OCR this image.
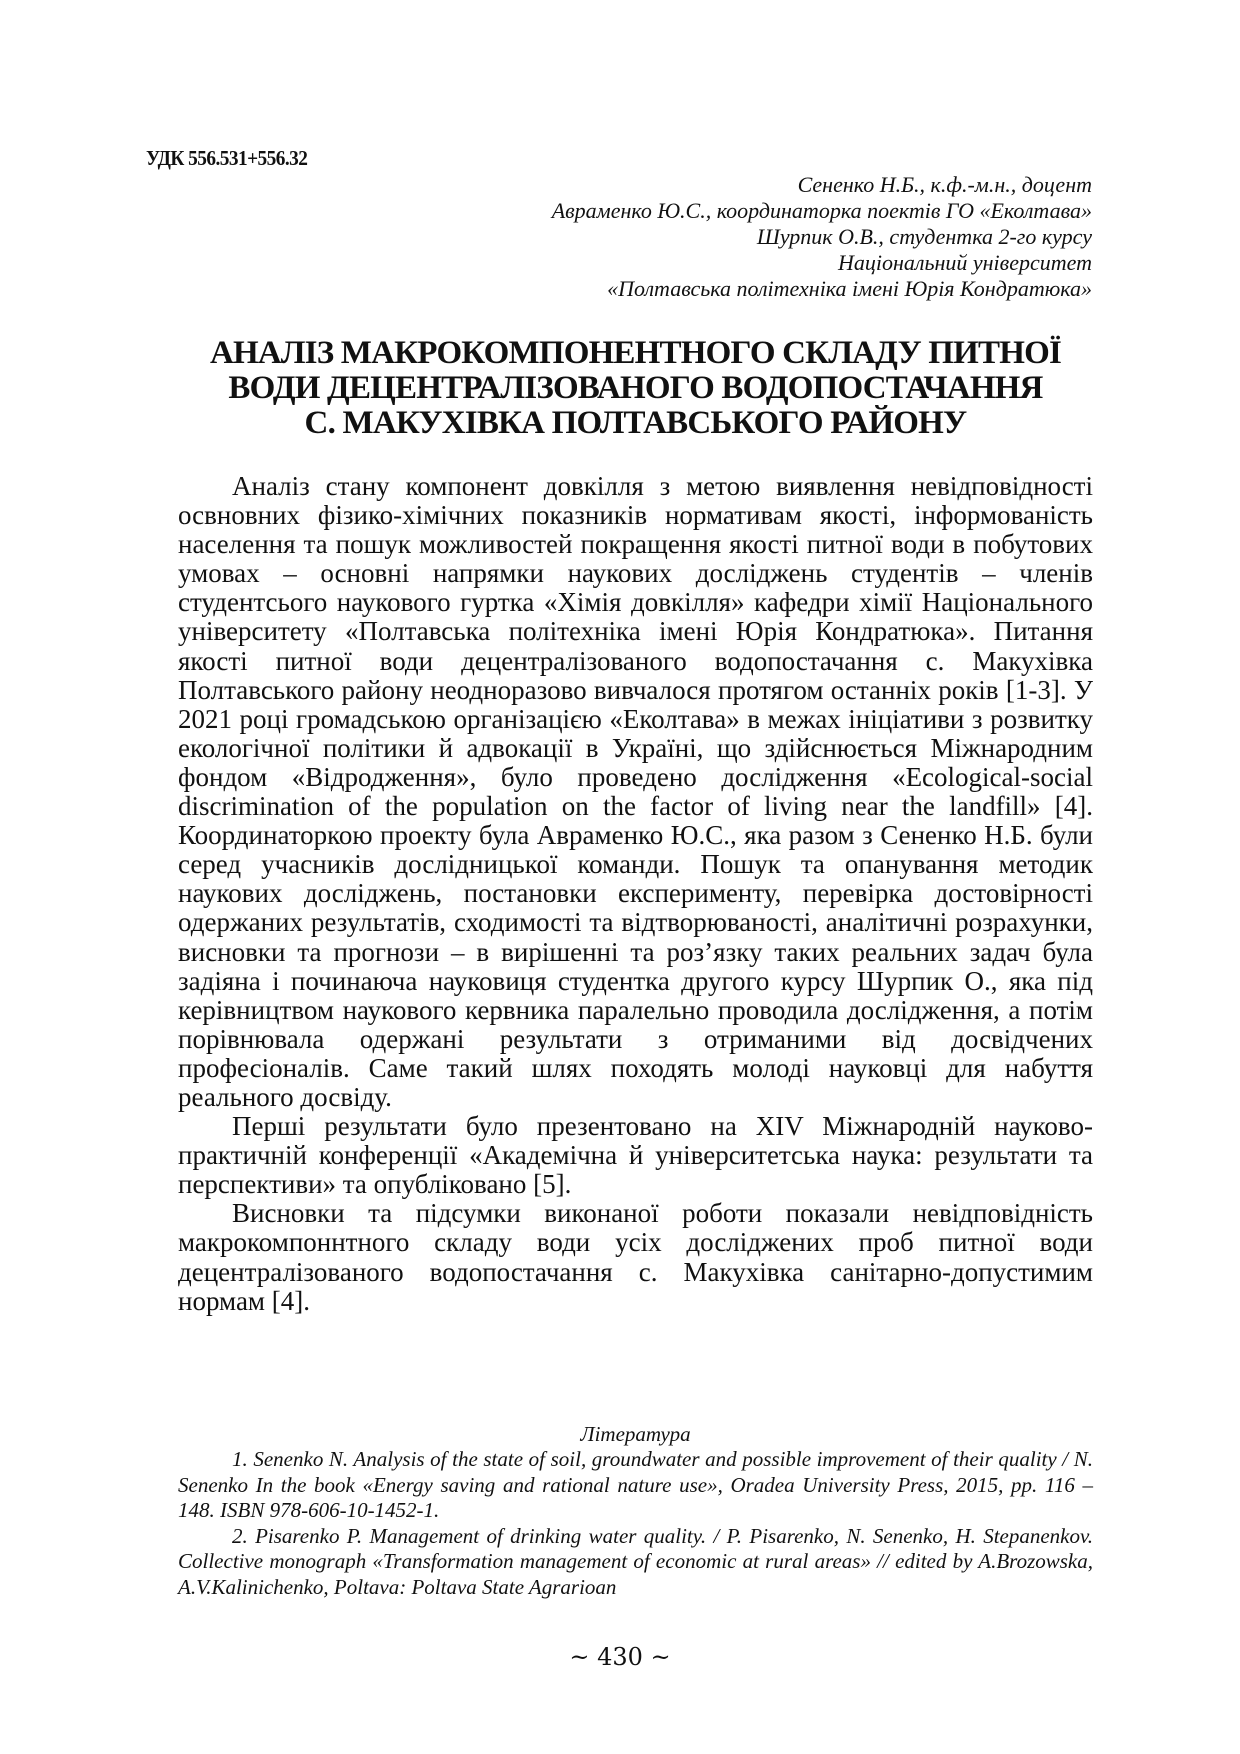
УДК 556.531+556.32
Сененко Н.Б., к.ф.-м.н., доцент
Авраменко Ю.С., координаторка поектів ГО «Еколтава»
Шурпик О.В., студентка 2-го курсу
Національний університет
«Полтавська політехніка імені Юрія Кондратюка»
АНАЛІЗ МАКРОКОМПОНЕНТНОГО СКЛАДУ ПИТНОЇ
ВОДИ ДЕЦЕНТРАЛІЗОВАНОГО ВОДОПОСТАЧАННЯ
С. МАКУХІВКА ПОЛТАВСЬКОГО РАЙОНУ

Аналіз стану компонент довкілля з метою виявлення невідповідності освновних фізико-хімічних показників нормативам якості, інформованість населення та пошук можливостей покращення якості питної води в побутових умовах – основні напрямки наукових досліджень студентів – членів студентсього наукового гуртка «Хімія довкілля» кафедри хімії Національного університету «Полтавська політехніка імені Юрія Кондратюка». Питання якості питної води децентралізованого водопостачання с. Макухівка Полтавського району неодноразово вивчалося протягом останніх років [1-3]. У 2021 році громадською організацією «Еколтава» в межах ініціативи з розвитку екологічної політики й адвокації в Україні, що здійснюється Міжнародним фондом «Відродження», було проведено дослідження «Ecological-social discrimination of the population on the factor of living near the landfill» [4]. Координаторкою проекту була Авраменко Ю.С., яка разом з Сененко Н.Б. були серед учасників дослідницької команди. Пошук та опанування методик наукових досліджень, постановки експерименту, перевірка достовірності одержаних результатів, сходимості та відтворюваності, аналітичні розрахунки, висновки та прогнози – в вирішенні та роз’язку таких реальних задач була задіяна і починаюча науковиця студентка другого курсу Шурпик О., яка під керівництвом наукового кервника паралельно проводила дослідження, а потім порівнювала одержані результати з отриманими від досвідчених професіоналів. Саме такий шлях походять молоді науковці для набуття реального досвіду.

Перші результати було презентовано на XIV Міжнародній науково-практичній конференції «Академічна й університетська наука: результати та перспективи» та опубліковано [5].

Висновки та підсумки виконаної роботи показали невідповідність макрокомпоннтного складу води усіх досліджених проб питної води децентралізованого водопостачання с. Макухівка санітарно-допустимим нормам [4].

Література

1. Senenko N. Analysis of the state of soil, groundwater and possible improvement of their quality / N. Senenko In the book «Energy saving and rational nature use», Oradea University Press, 2015, pp. 116 – 148. ISBN 978-606-10-1452-1.

2. Pisarenko P. Management of drinking water quality. / P. Pisarenko, N. Senenko, H. Stepanenkov. Collective monograph «Transformation management of economic at rural areas» // edited by A.Brozowska, A.V.Kalinichenko, Poltava: Poltava State Agrarioan

~ 430 ~
